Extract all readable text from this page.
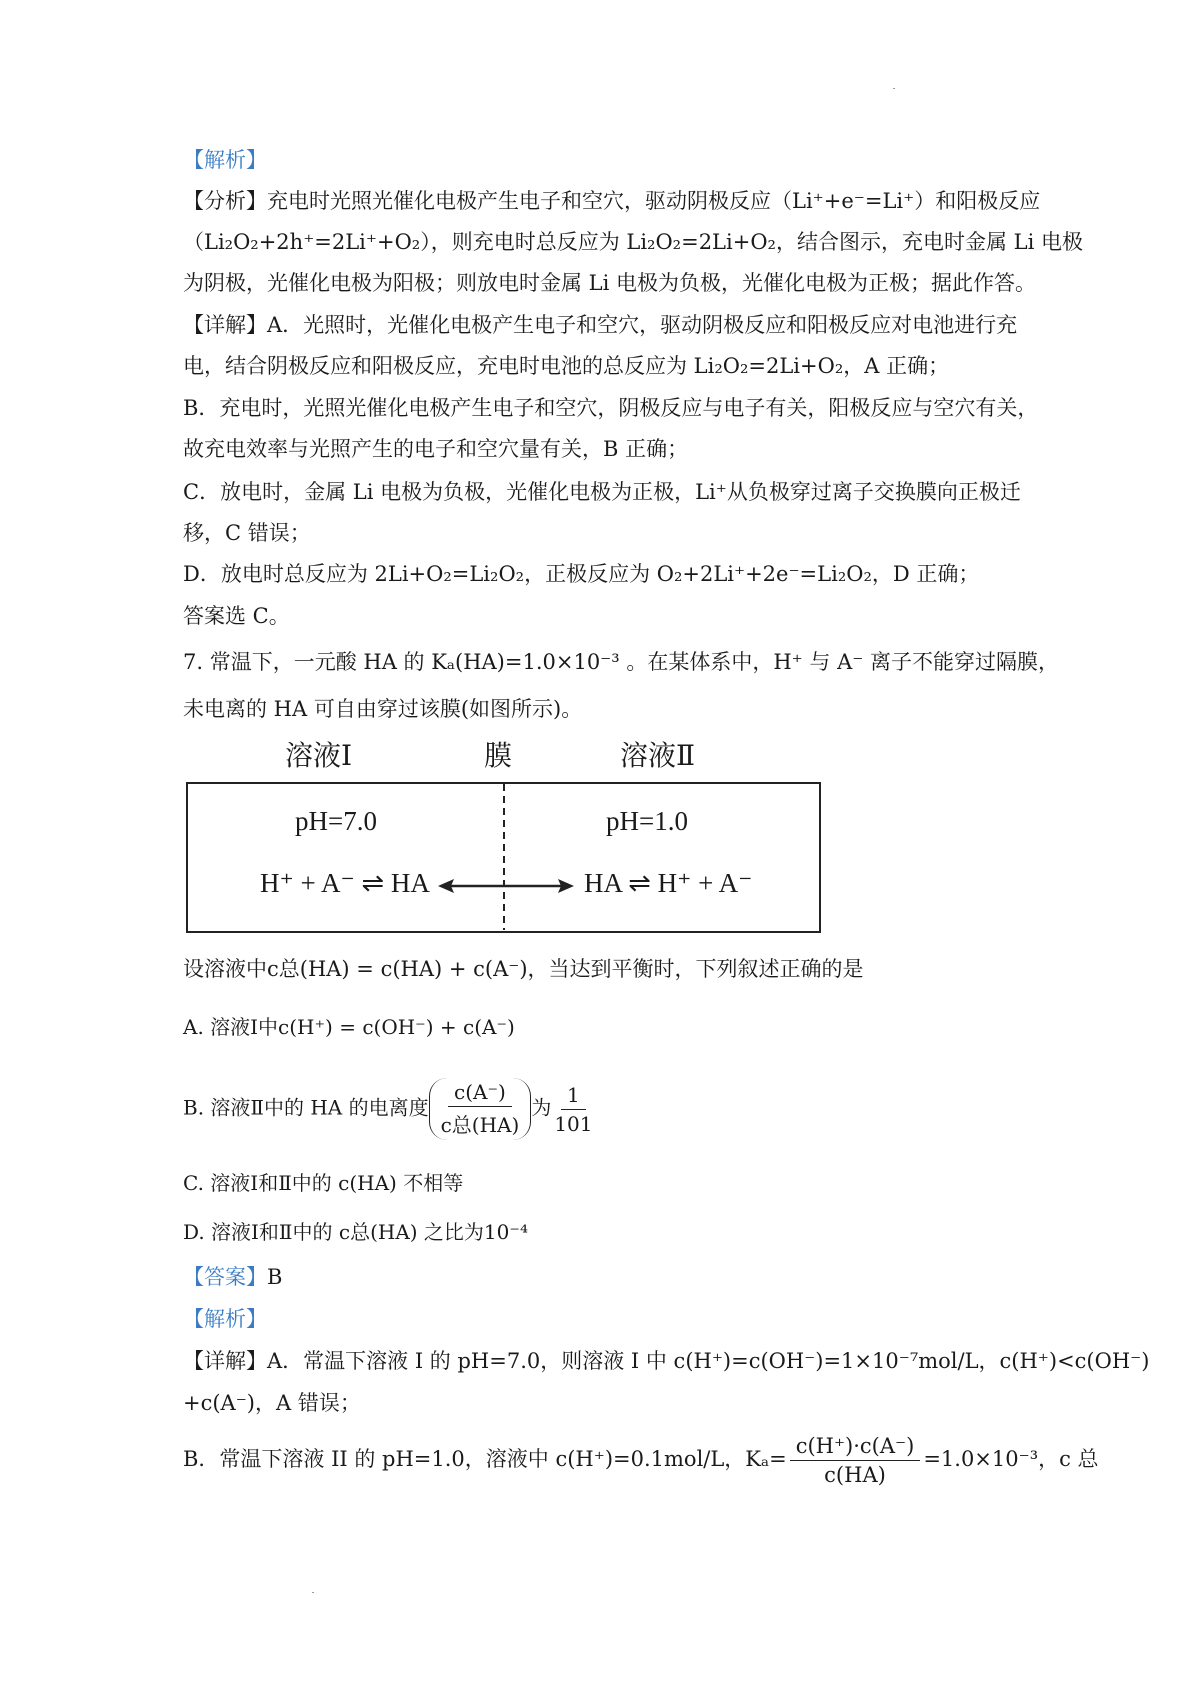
【解析】
【分析】充电时光照光催化电极产生电子和空穴，驱动阴极反应（Li⁺+e⁻=Li⁺）和阳极反应
（Li₂O₂+2h⁺=2Li⁺+O₂），则充电时总反应为 Li₂O₂=2Li+O₂，结合图示，充电时金属 Li 电极
为阴极，光催化电极为阳极；则放电时金属 Li 电极为负极，光催化电极为正极；据此作答。
【详解】A．光照时，光催化电极产生电子和空穴，驱动阴极反应和阳极反应对电池进行充
电，结合阴极反应和阳极反应，充电时电池的总反应为 Li₂O₂=2Li+O₂，A 正确；
B．充电时，光照光催化电极产生电子和空穴，阴极反应与电子有关，阳极反应与空穴有关，
故充电效率与光照产生的电子和空穴量有关，B 正确；
C．放电时，金属 Li 电极为负极，光催化电极为正极，Li⁺从负极穿过离子交换膜向正极迁
移，C 错误；
D．放电时总反应为 2Li+O₂=Li₂O₂，正极反应为 O₂+2Li⁺+2e⁻=Li₂O₂，D 正确；
答案选 C。
7. 常温下，一元酸 HA 的 Kₐ(HA)=1.0×10⁻³ 。在某体系中，H⁺ 与 A⁻ 离子不能穿过隔膜，
未电离的 HA 可自由穿过该膜(如图所示)。
溶液Ⅰ	膜	溶液Ⅱ
pH=7.0	pH=1.0
H⁺ + A⁻ ⇌ HA	HA ⇌ H⁺ + A⁻
设溶液中c总(HA) = c(HA) + c(A⁻)，当达到平衡时，下列叙述正确的是
A. 溶液Ⅰ中c(H⁺) = c(OH⁻) + c(A⁻)
B. 溶液Ⅱ中的 HA 的电离度 $\frac{c(A^-)}{\text{c总(HA)}}$ 为 $\frac{1}{101}$
C. 溶液Ⅰ和Ⅱ中的 c(HA) 不相等
D. 溶液Ⅰ和Ⅱ中的 c总(HA) 之比为10⁻⁴
【答案】B
【解析】
【详解】A．常温下溶液 I 的 pH=7.0，则溶液 I 中 c(H⁺)=c(OH⁻)=1×10⁻⁷mol/L，c(H⁺)<c(OH⁻)
+c(A⁻)，A 错误；
B．常温下溶液 II 的 pH=1.0，溶液中 c(H⁺)=0.1mol/L，$K_a= \frac{c(H^+)\cdot c(A^-)}{c(HA)} =1.0\times 10^{-3}$，c 总
